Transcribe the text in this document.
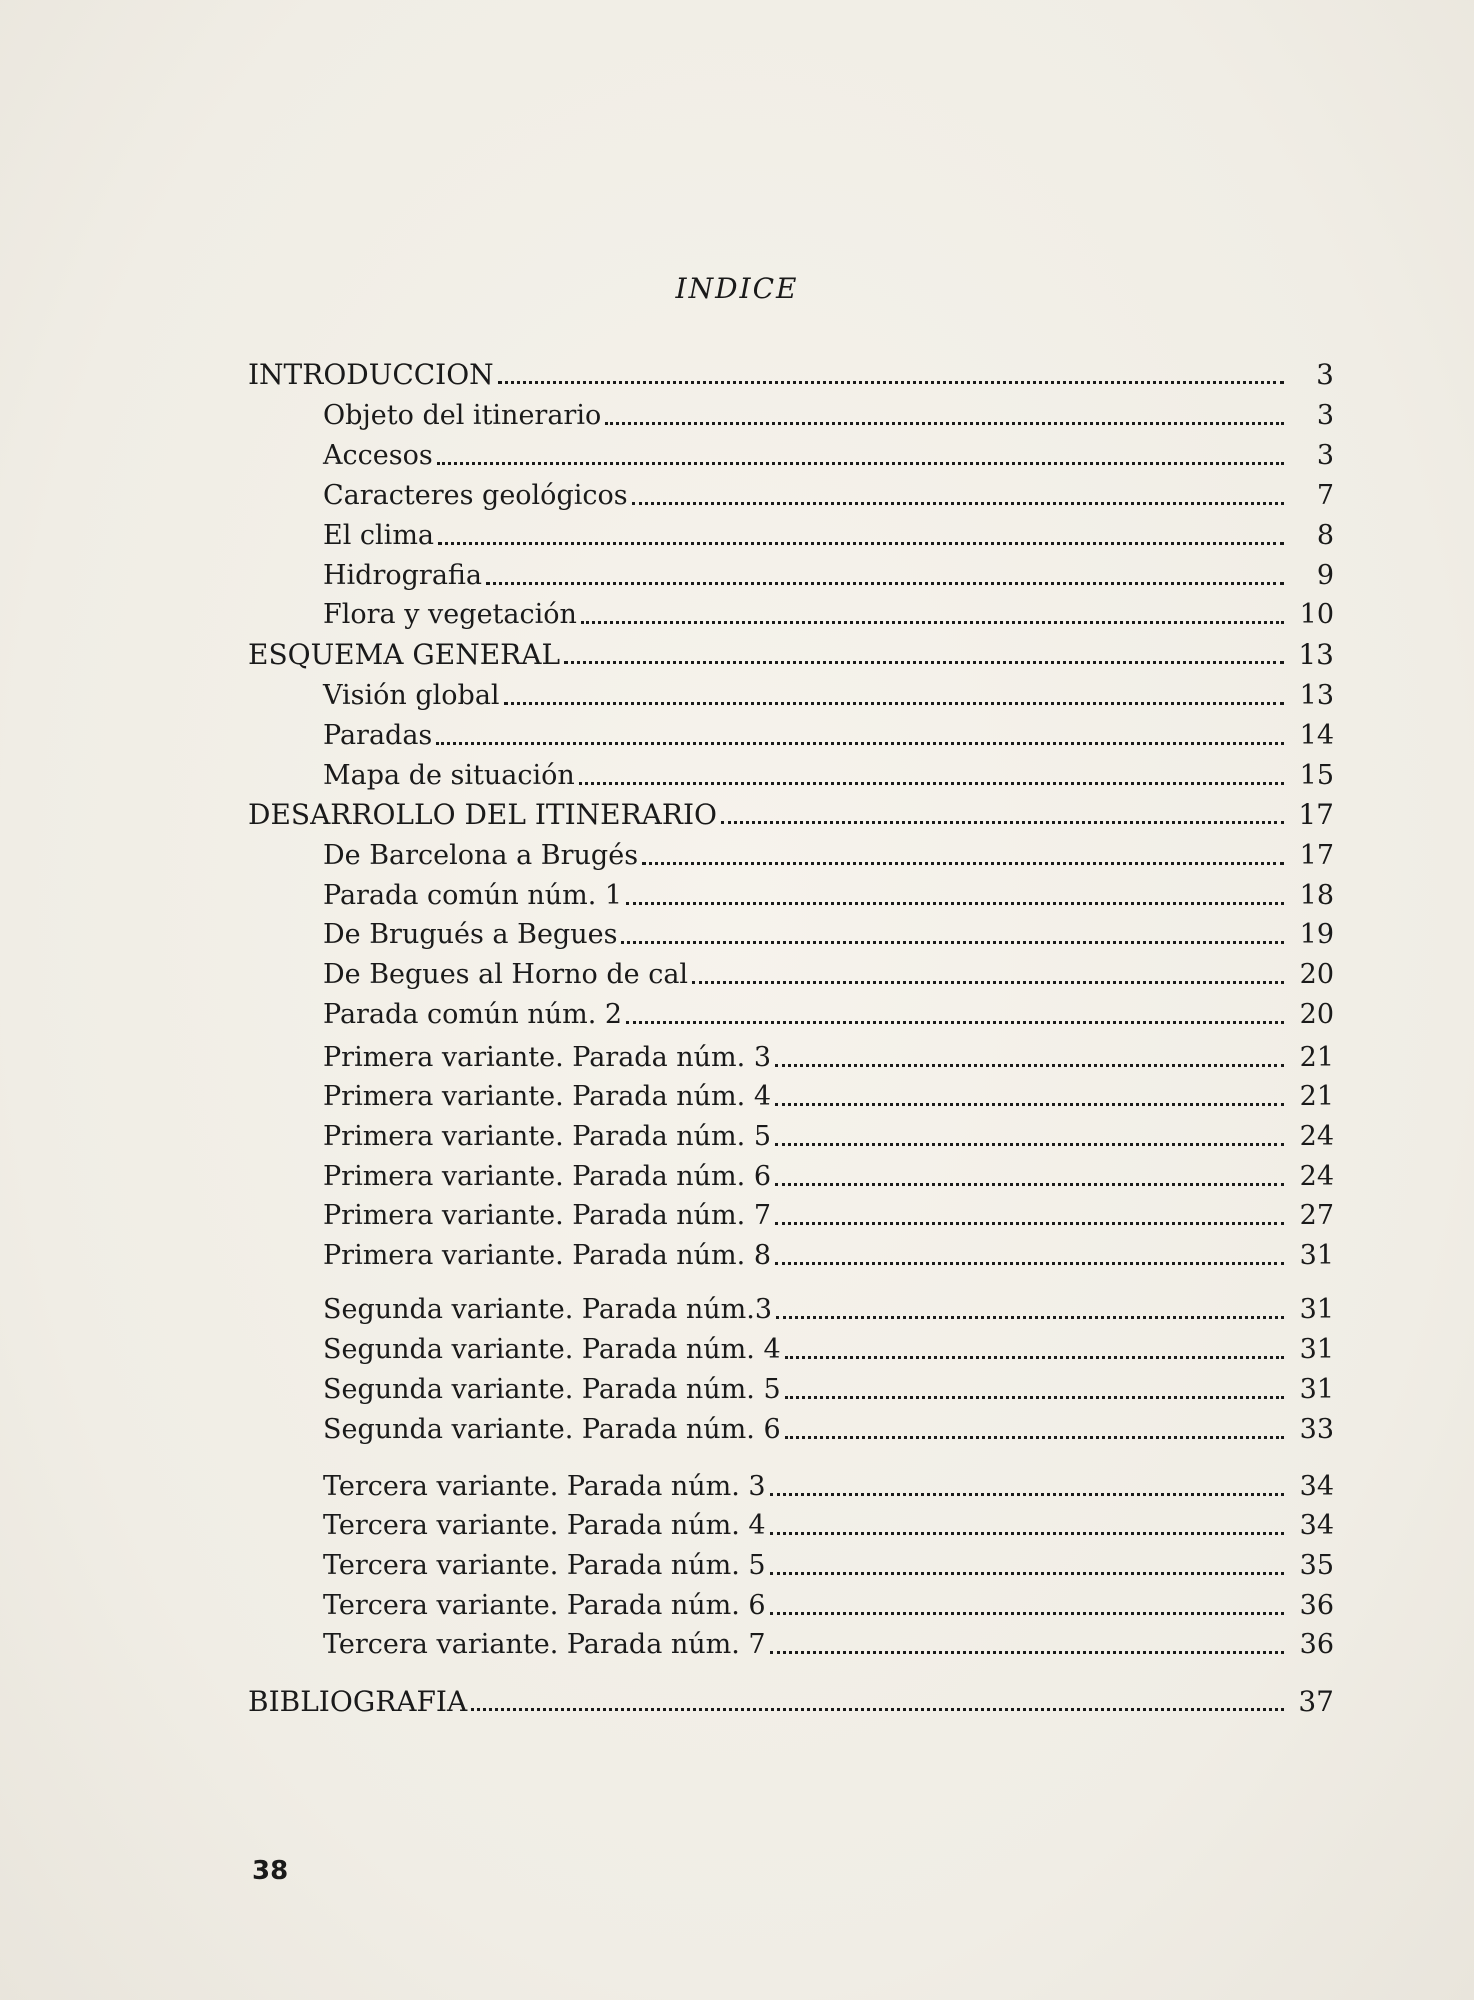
INDICE
INTRODUCCION	3
Objeto del itinerario	3
Accesos	3
Caracteres geológicos	7
El clima	8
Hidrografia	9
Flora y vegetación	10
ESQUEMA GENERAL	13
Visión global	13
Paradas	14
Mapa de situación	15
DESARROLLO DEL ITINERARIO	17
De Barcelona a Brugés	17
Parada común núm. 1	18
De Brugués a Begues	19
De Begues al Horno de cal	20
Parada común núm. 2	20
Primera variante. Parada núm. 3	21
Primera variante. Parada núm. 4	21
Primera variante. Parada núm. 5	24
Primera variante. Parada núm. 6	24
Primera variante. Parada núm. 7	27
Primera variante. Parada núm. 8	31
Segunda variante. Parada núm.3	31
Segunda variante. Parada núm. 4	31
Segunda variante. Parada núm. 5	31
Segunda variante. Parada núm. 6	33
Tercera variante. Parada núm. 3	34
Tercera variante. Parada núm. 4	34
Tercera variante. Parada núm. 5	35
Tercera variante. Parada núm. 6	36
Tercera variante. Parada núm. 7	36
BIBLIOGRAFIA	37
38
